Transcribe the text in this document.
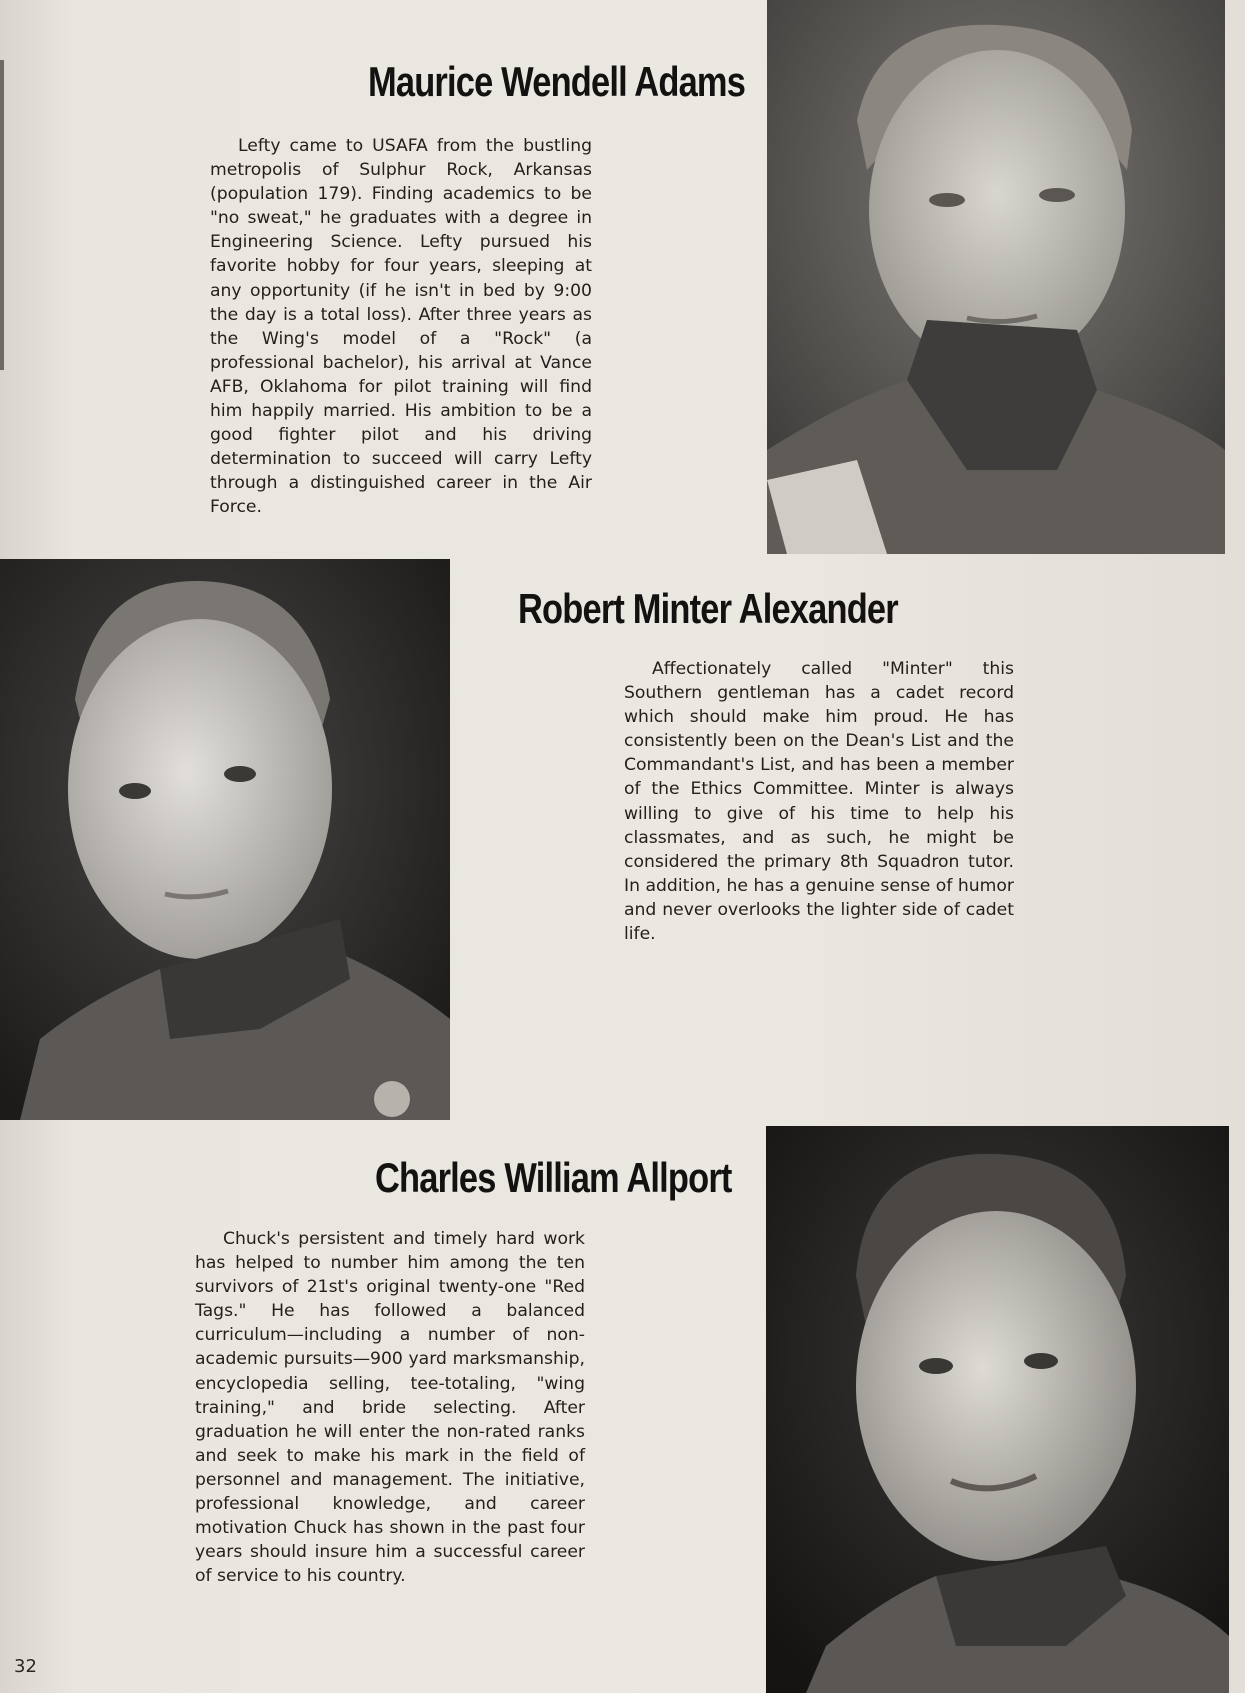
Maurice Wendell Adams

Lefty came to USAFA from the bustling metropolis of Sulphur Rock, Arkansas (population 179). Finding academics to be "no sweat," he graduates with a degree in Engineering Science. Lefty pursued his favorite hobby for four years, sleeping at any opportunity (if he isn't in bed by 9:00 the day is a total loss). After three years as the Wing's model of a "Rock" (a professional bachelor), his arrival at Vance AFB, Oklahoma for pilot training will find him happily married. His ambition to be a good fighter pilot and his driving determination to succeed will carry Lefty through a distinguished career in the Air Force.

Robert Minter Alexander

Affectionately called "Minter" this Southern gentleman has a cadet record which should make him proud. He has consistently been on the Dean's List and the Commandant's List, and has been a member of the Ethics Committee. Minter is always willing to give of his time to help his classmates, and as such, he might be considered the primary 8th Squadron tutor. In addition, he has a genuine sense of humor and never overlooks the lighter side of cadet life.

Charles William Allport

Chuck's persistent and timely hard work has helped to number him among the ten survivors of 21st's original twenty-one "Red Tags." He has followed a balanced curriculum—including a number of non-academic pursuits—900 yard marksmanship, encyclopedia selling, tee-totaling, "wing training," and bride selecting. After graduation he will enter the non-rated ranks and seek to make his mark in the field of personnel and management. The initiative, professional knowledge, and career motivation Chuck has shown in the past four years should insure him a successful career of service to his country.

32
